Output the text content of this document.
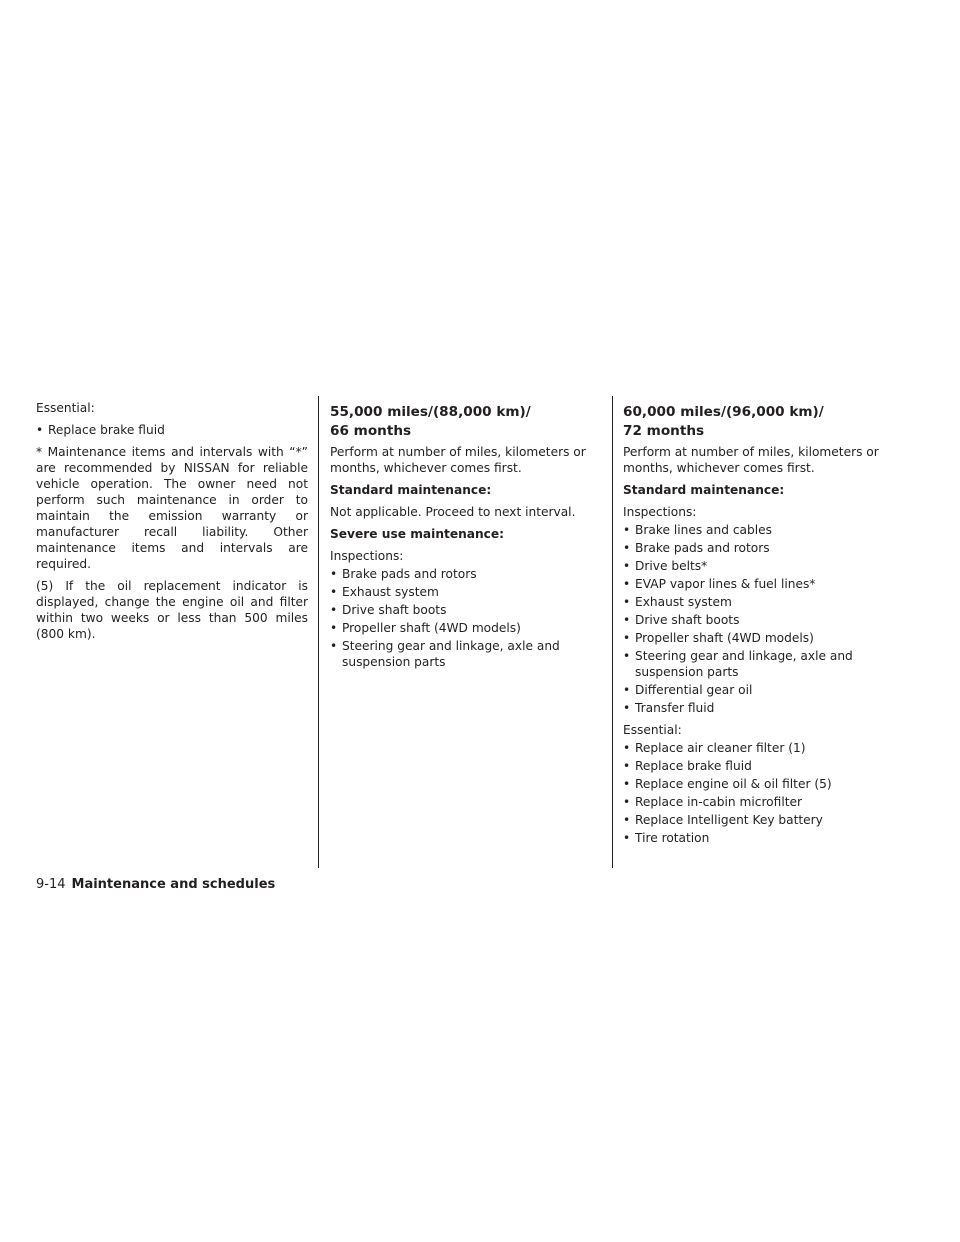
Essential:

• Replace brake fluid

* Maintenance items and intervals with “*” are recommended by NISSAN for reliable vehicle operation. The owner need not perform such maintenance in order to maintain the emission warranty or manufacturer recall liability. Other maintenance items and intervals are required.

(5) If the oil replacement indicator is displayed, change the engine oil and filter within two weeks or less than 500 miles (800 km).

55,000 miles/(88,000 km)/
66 months

Perform at number of miles, kilometers or months, whichever comes first.

Standard maintenance:

Not applicable. Proceed to next interval.

Severe use maintenance:

Inspections:

• Brake pads and rotors
• Exhaust system
• Drive shaft boots
• Propeller shaft (4WD models)
• Steering gear and linkage, axle and suspension parts
60,000 miles/(96,000 km)/
72 months

Perform at number of miles, kilometers or months, whichever comes first.

Standard maintenance:

Inspections:

• Brake lines and cables
• Brake pads and rotors
• Drive belts*
• EVAP vapor lines & fuel lines*
• Exhaust system
• Drive shaft boots
• Propeller shaft (4WD models)
• Steering gear and linkage, axle and suspension parts
• Differential gear oil
• Transfer fluid

Essential:

• Replace air cleaner filter (1)
• Replace brake fluid
• Replace engine oil & oil filter (5)
• Replace in-cabin microfilter
• Replace Intelligent Key battery
• Tire rotation
9-14 Maintenance and schedules
